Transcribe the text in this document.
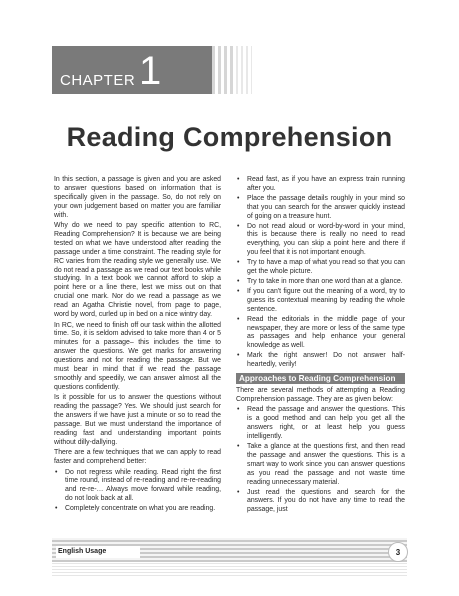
CHAPTER 1
Reading Comprehension

In this section, a passage is given and you are asked to answer questions based on information that is specifically given in the passage. So, do not rely on your own judgement based on matter you are familiar with.

Why do we need to pay specific attention to RC, Reading Comprehension? It is because we are being tested on what we have understood after reading the passage under a time constraint. The reading style for RC varies from the reading style we generally use. We do not read a passage as we read our text books while studying. In a text book we cannot afford to skip a point here or a line there, lest we miss out on that crucial one mark. Nor do we read a passage as we read an Agatha Christie novel, from page to page, word by word, curled up in bed on a nice wintry day.

In RC, we need to finish off our task within the allotted time. So, it is seldom advised to take more than 4 or 5 minutes for a passage– this includes the time to answer the questions. We get marks for answering questions and not for reading the passage. But we must bear in mind that if we read the passage smoothly and speedily, we can answer almost all the questions confidently.

Is it possible for us to answer the questions without reading the passage? Yes. We should just search for the answers if we have just a minute or so to read the passage. But we must understand the importance of reading fast and understanding important points without dilly-dallying.

There are a few techniques that we can apply to read faster and comprehend better:

• Do not regress while reading. Read right the first time round, instead of re-reading and re-re-reading and re-re-… Always move forward while reading, do not look back at all.
• Completely concentrate on what you are reading.
• Read fast, as if you have an express train running after you.
• Place the passage details roughly in your mind so that you can search for the answer quickly instead of going on a treasure hunt.
• Do not read aloud or word-by-word in your mind, this is because there is really no need to read everything, you can skip a point here and there if you feel that it is not important enough.
• Try to have a map of what you read so that you can get the whole picture.
• Try to take in more than one word than at a glance.
• If you can't figure out the meaning of a word, try to guess its contextual meaning by reading the whole sentence.
• Read the editorials in the middle page of your newspaper, they are more or less of the same type as passages and help enhance your general knowledge as well.
• Mark the right answer! Do not answer half-heartedly, verily!
Approaches to Reading Comprehension

There are several methods of attempting a Reading Comprehension passage. They are as given below:

• Read the passage and answer the questions. This is a good method and can help you get all the answers right, or at least help you guess intelligently.
• Take a glance at the questions first, and then read the passage and answer the questions. This is a smart way to work since you can answer questions as you read the passage and not waste time reading unnecessary material.
• Just read the questions and search for the answers. If you do not have any time to read the passage, just
English Usage	3
